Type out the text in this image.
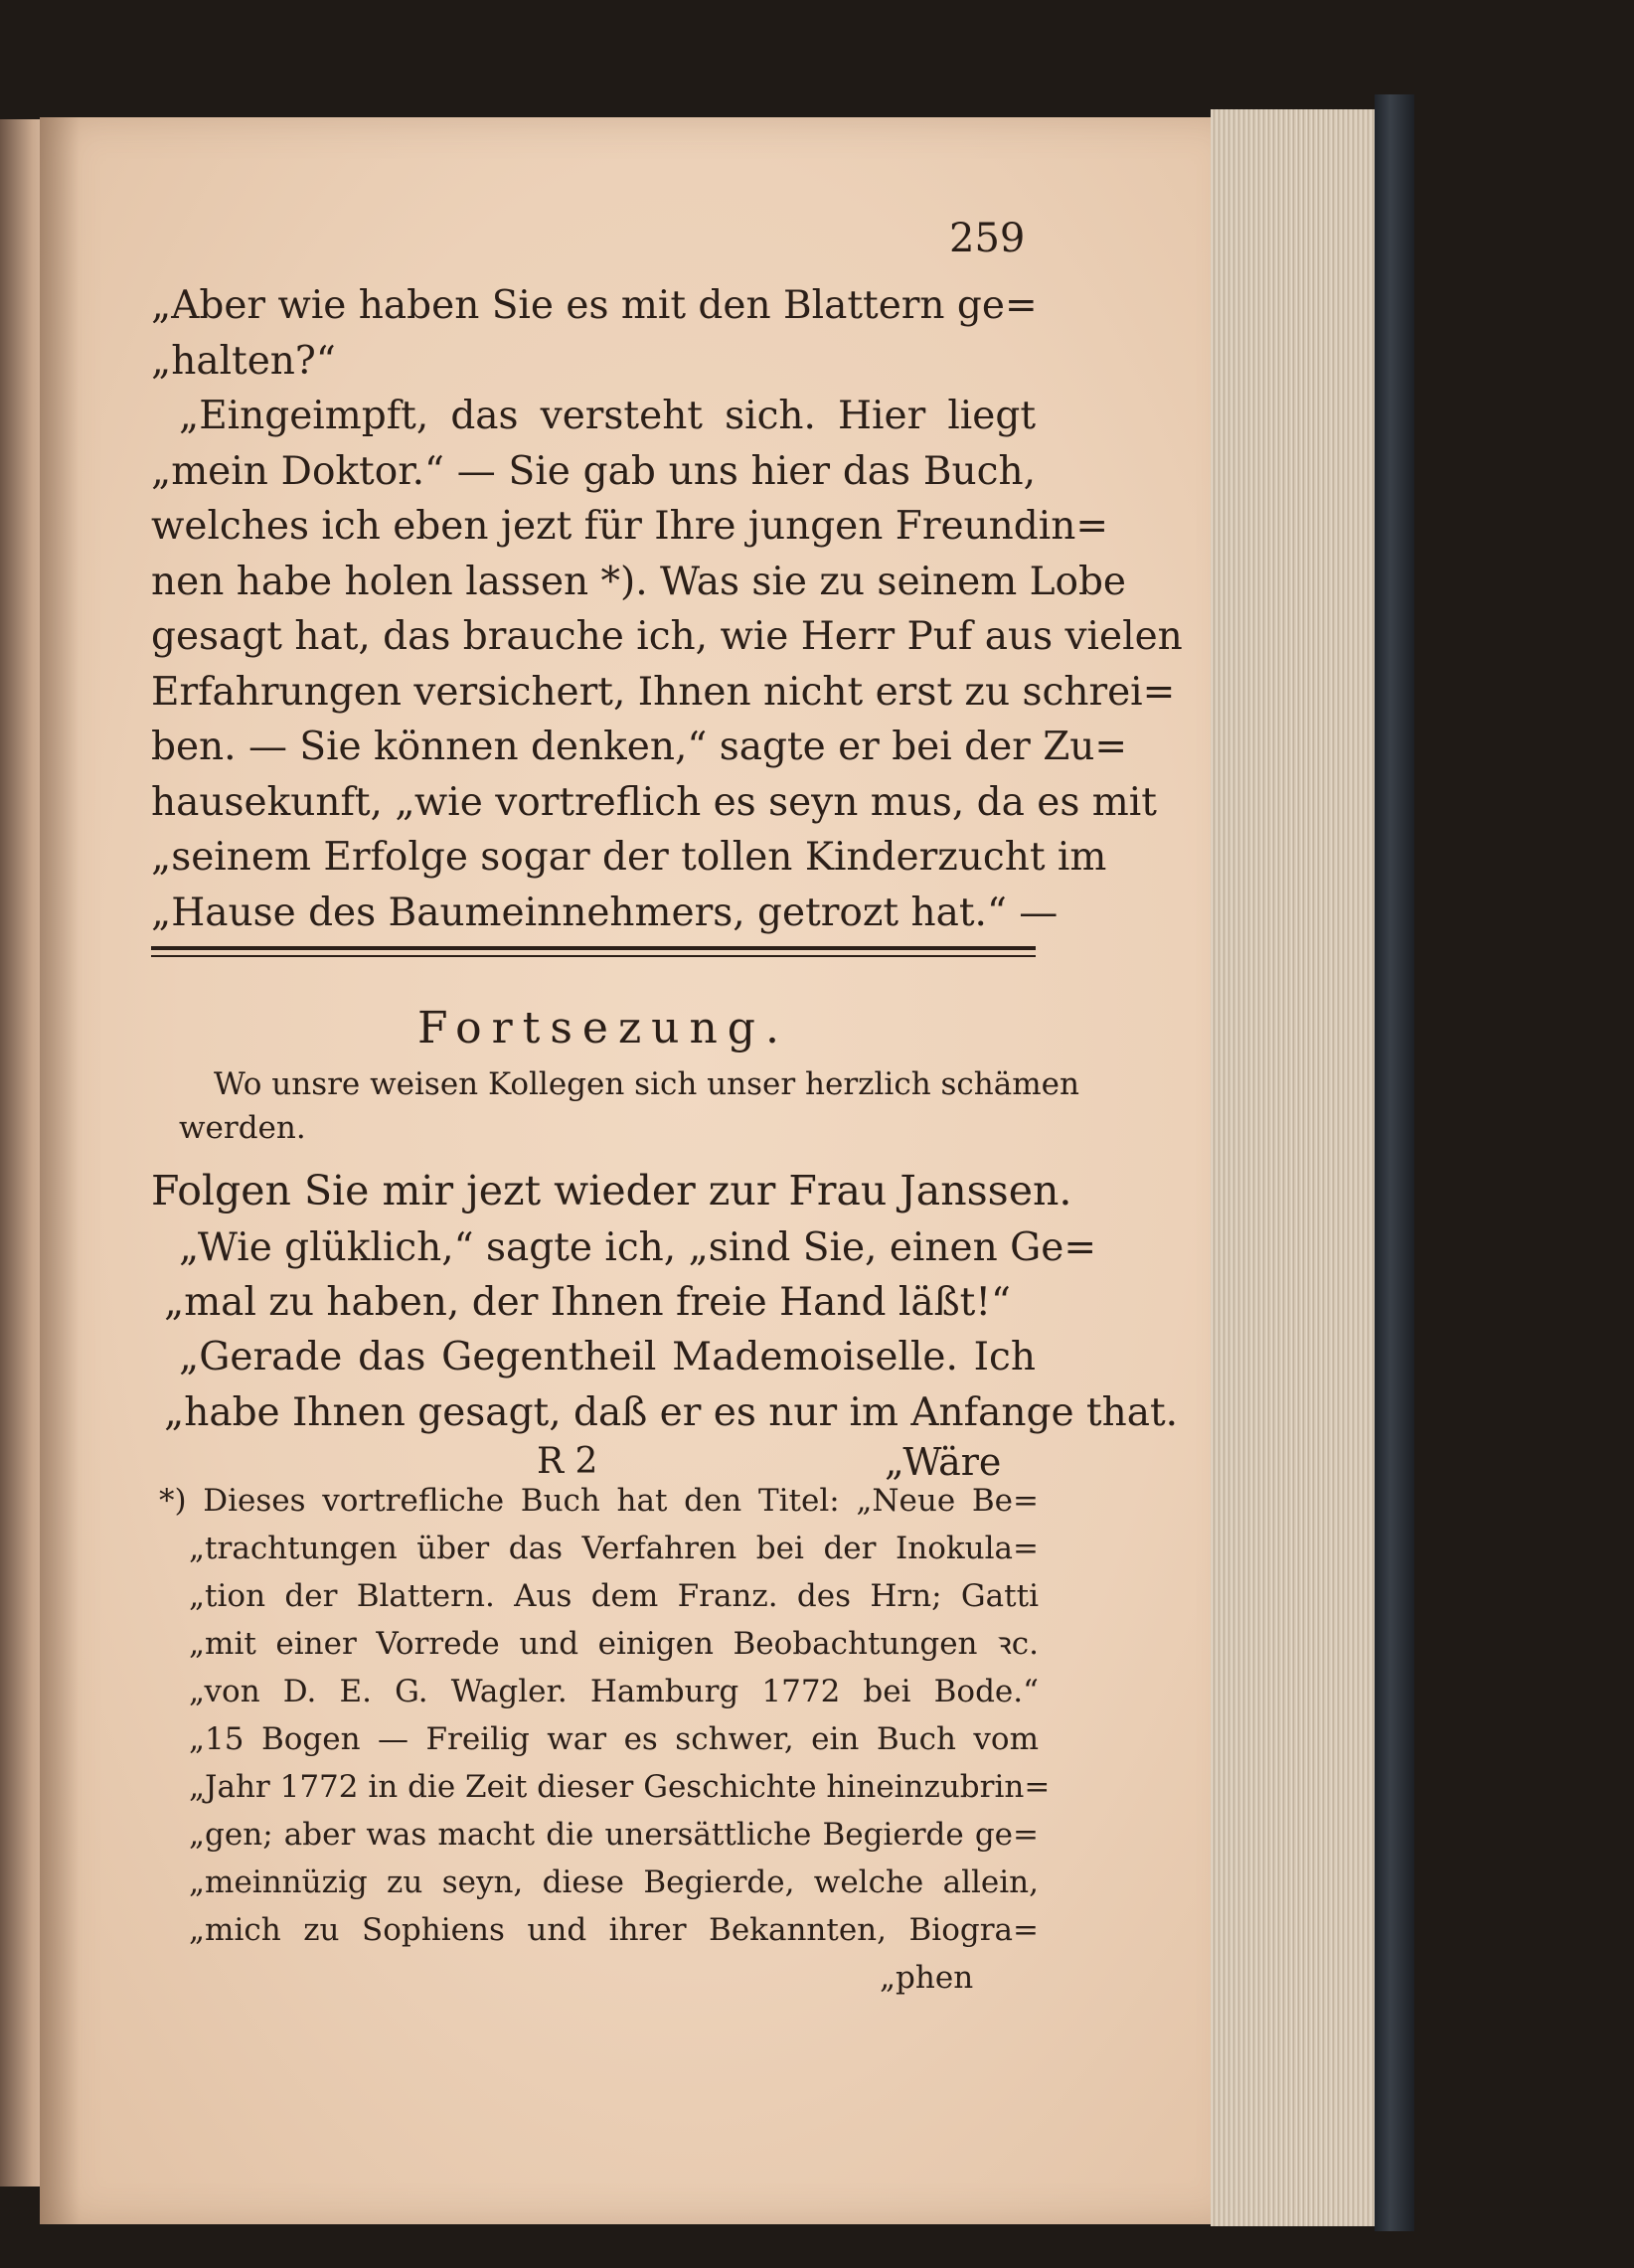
259
„Aber wie haben Sie es mit den Blattern ge=
„halten?“
„Eingeimpft, das versteht sich. Hier liegt
„mein Doktor.“ — Sie gab uns hier das Buch,
welches ich eben jezt für Ihre jungen Freundin=
nen habe holen lassen *). Was sie zu seinem Lobe
gesagt hat, das brauche ich, wie Herr Puf aus vielen
Erfahrungen versichert, Ihnen nicht erst zu schrei=
ben. — Sie können denken,“ sagte er bei der Zu=
hausekunft, „wie vortreflich es seyn mus, da es mit
„seinem Erfolge sogar der tollen Kinderzucht im
„Hause des Baumeinnehmers, getrozt hat.“ —
Fortsezung.
Wo unsre weisen Kollegen sich unser herzlich schämen
werden.
Folgen Sie mir jezt wieder zur Frau Janssen.
„Wie glüklich,“ sagte ich, „sind Sie, einen Ge=
„mal zu haben, der Ihnen freie Hand läßt!“
„Gerade das Gegentheil Mademoiselle. Ich
„habe Ihnen gesagt, daß er es nur im Anfange that.
R 2	„Wäre
*) Dieses vortrefliche Buch hat den Titel: „Neue Be=
„trachtungen über das Verfahren bei der Inokula=
„tion der Blattern. Aus dem Franz. des Hrn; Gatti
„mit einer Vorrede und einigen Beobachtungen ꝛc.
„von D. E. G. Wagler. Hamburg 1772 bei Bode.“
„15 Bogen — Freilig war es schwer, ein Buch vom
„Jahr 1772 in die Zeit dieser Geschichte hineinzubrin=
„gen; aber was macht die unersättliche Begierde ge=
„meinnüzig zu seyn, diese Begierde, welche allein,
„mich zu Sophiens und ihrer Bekannten, Biogra=
„phen
